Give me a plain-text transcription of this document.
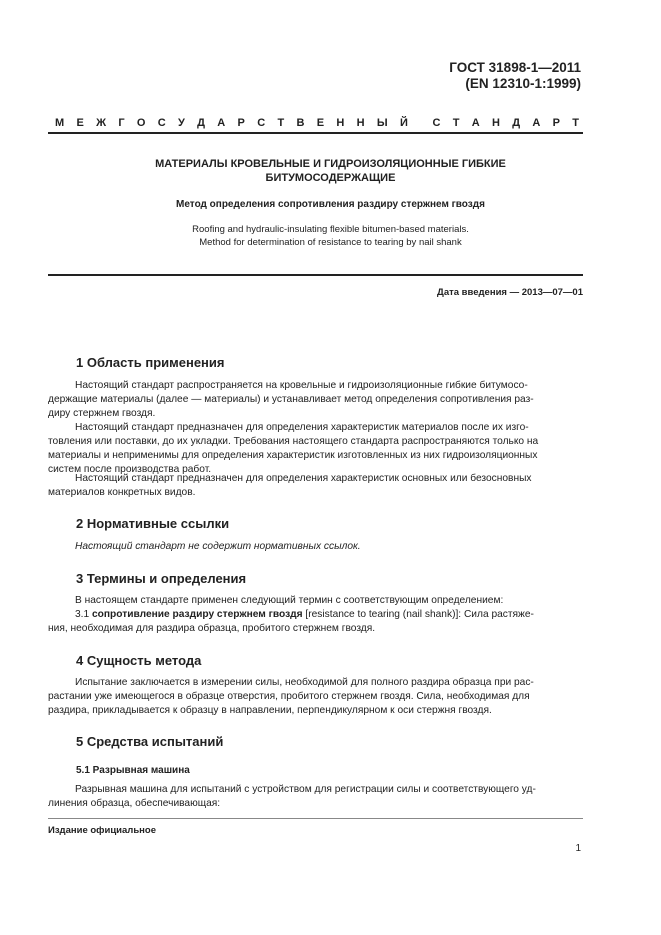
ГОСТ 31898-1—2011
(EN 12310-1:1999)
М Е Ж Г О С У Д А Р С Т В Е Н Н Ы Й С Т А Н Д А Р Т
МАТЕРИАЛЫ КРОВЕЛЬНЫЕ И ГИДРОИЗОЛЯЦИОННЫЕ ГИБКИЕ
БИТУМОСОДЕРЖАЩИЕ
Метод определения сопротивления раздиру стержнем гвоздя
Roofing and hydraulic-insulating flexible bitumen-based materials.
Method for determination of resistance to tearing by nail shank
Дата введения — 2013—07—01
1 Область применения

Настоящий стандарт распространяется на кровельные и гидроизоляционные гибкие битумосо-
держащие материалы (далее — материалы) и устанавливает метод определения сопротивления раз-
диру стержнем гвоздя.

Настоящий стандарт предназначен для определения характеристик материалов после их изго-
товления или поставки, до их укладки. Требования настоящего стандарта распространяются только на
материалы и неприменимы для определения характеристик изготовленных из них гидроизоляционных
систем после производства работ.

Настоящий стандарт предназначен для определения характеристик основных или безосновных
материалов конкретных видов.

2 Нормативные ссылки

Настоящий стандарт не содержит нормативных ссылок.

3 Термины и определения

В настоящем стандарте применен следующий термин с соответствующим определением:
3.1 сопротивление раздиру стержнем гвоздя [resistance to tearing (nail shank)]: Сила растяже-
ния, необходимая для раздира образца, пробитого стержнем гвоздя.

4 Сущность метода

Испытание заключается в измерении силы, необходимой для полного раздира образца при рас-
растании уже имеющегося в образце отверстия, пробитого стержнем гвоздя. Сила, необходимая для
раздира, прикладывается к образцу в направлении, перпендикулярном к оси стержня гвоздя.

5 Средства испытаний
5.1 Разрывная машина

Разрывная машина для испытаний с устройством для регистрации силы и соответствующего уд-
линения образца, обеспечивающая:

Издание официальное
1
